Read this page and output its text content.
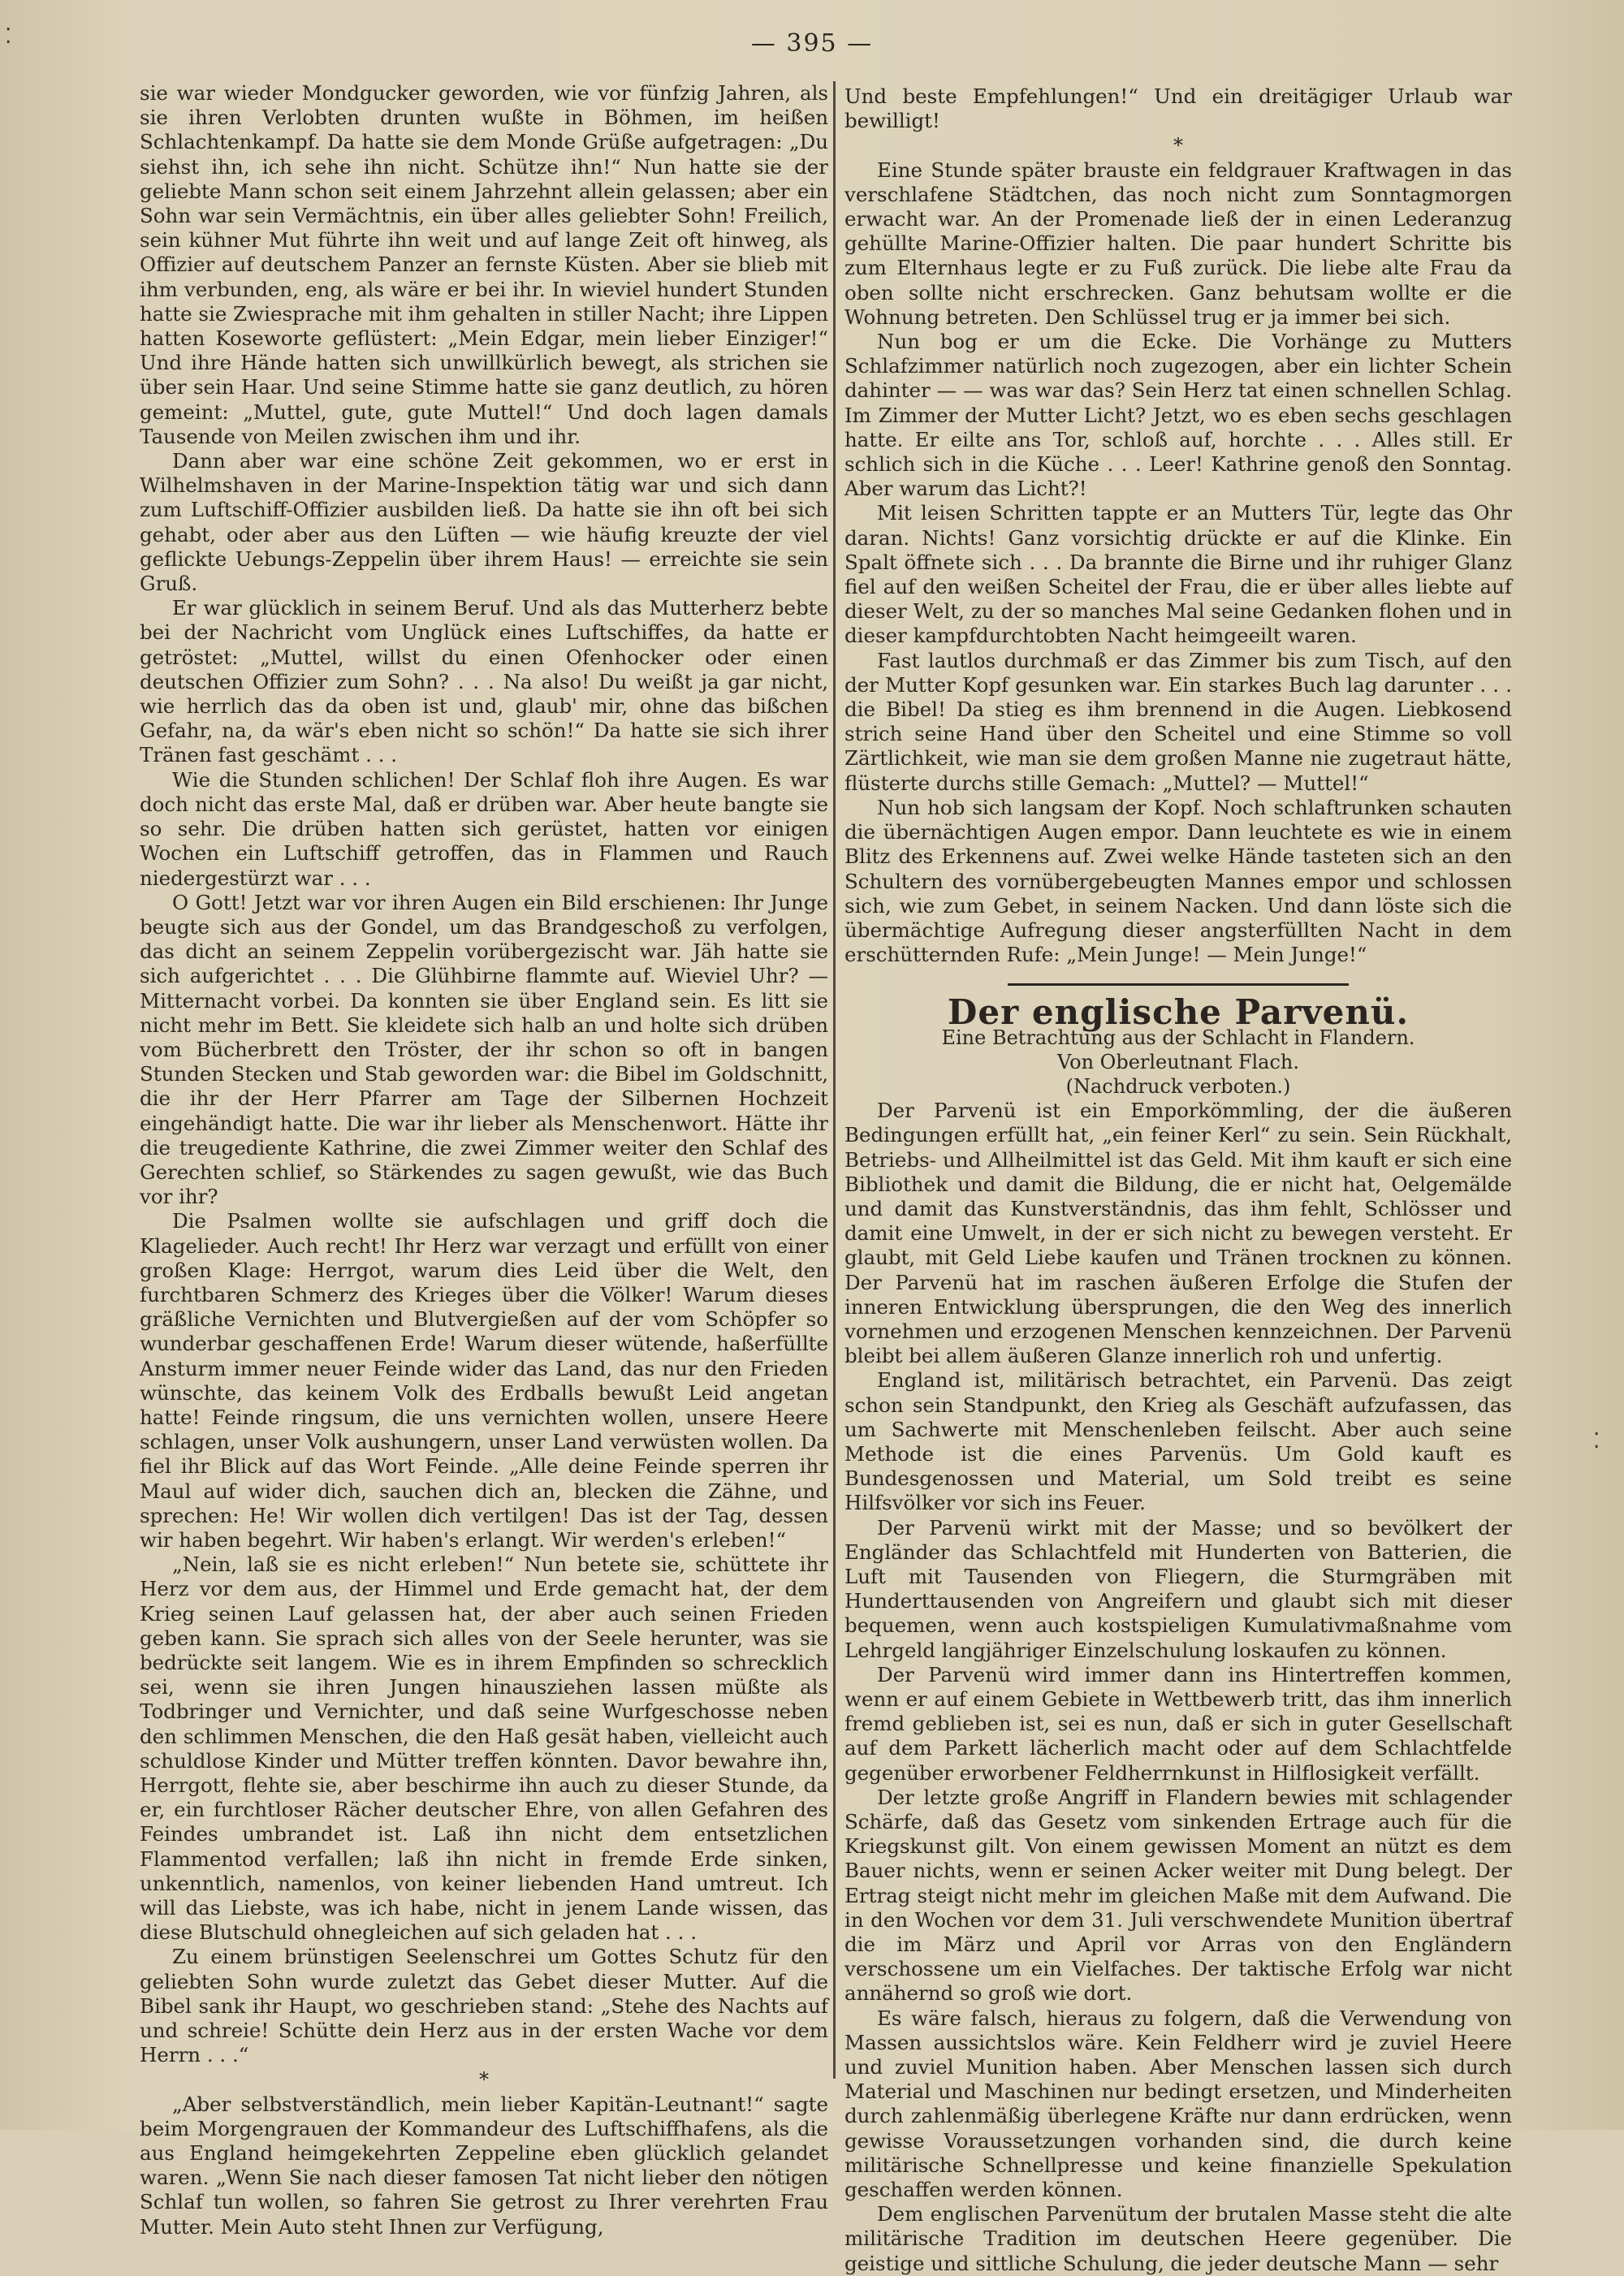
— 395 —

sie war wieder Mondgucker geworden, wie vor fünfzig Jahren, als sie ihren Verlobten drunten wußte in Böhmen, im heißen Schlachtenkampf. Da hatte sie dem Monde Grüße aufgetragen: „Du siehst ihn, ich sehe ihn nicht. Schütze ihn!“ Nun hatte sie der geliebte Mann schon seit einem Jahrzehnt allein gelassen; aber ein Sohn war sein Vermächtnis, ein über alles geliebter Sohn! Freilich, sein kühner Mut führte ihn weit und auf lange Zeit oft hinweg, als Offizier auf deutschem Panzer an fernste Küsten. Aber sie blieb mit ihm verbunden, eng, als wäre er bei ihr. In wieviel hundert Stunden hatte sie Zwiesprache mit ihm gehalten in stiller Nacht; ihre Lippen hatten Koseworte geflüstert: „Mein Edgar, mein lieber Einziger!“ Und ihre Hände hatten sich unwillkürlich bewegt, als strichen sie über sein Haar. Und seine Stimme hatte sie ganz deutlich, zu hören gemeint: „Muttel, gute, gute Muttel!“ Und doch lagen damals Tausende von Meilen zwischen ihm und ihr.

Dann aber war eine schöne Zeit gekommen, wo er erst in Wilhelmshaven in der Marine-Inspektion tätig war und sich dann zum Luftschiff-Offizier ausbilden ließ. Da hatte sie ihn oft bei sich gehabt, oder aber aus den Lüften — wie häufig kreuzte der viel geflickte Uebungs-Zeppelin über ihrem Haus! — erreichte sie sein Gruß.

Er war glücklich in seinem Beruf. Und als das Mutterherz bebte bei der Nachricht vom Unglück eines Luftschiffes, da hatte er getröstet: „Muttel, willst du einen Ofenhocker oder einen deutschen Offizier zum Sohn? . . . Na also! Du weißt ja gar nicht, wie herrlich das da oben ist und, glaub' mir, ohne das bißchen Gefahr, na, da wär's eben nicht so schön!“ Da hatte sie sich ihrer Tränen fast geschämt . . .

Wie die Stunden schlichen! Der Schlaf floh ihre Augen. Es war doch nicht das erste Mal, daß er drüben war. Aber heute bangte sie so sehr. Die drüben hatten sich gerüstet, hatten vor einigen Wochen ein Luftschiff getroffen, das in Flammen und Rauch niedergestürzt war . . .

O Gott! Jetzt war vor ihren Augen ein Bild erschienen: Ihr Junge beugte sich aus der Gondel, um das Brandgeschoß zu verfolgen, das dicht an seinem Zeppelin vorübergezischt war. Jäh hatte sie sich aufgerichtet . . . Die Glühbirne flammte auf. Wieviel Uhr? — Mitternacht vorbei. Da konnten sie über England sein. Es litt sie nicht mehr im Bett. Sie kleidete sich halb an und holte sich drüben vom Bücherbrett den Tröster, der ihr schon so oft in bangen Stunden Stecken und Stab geworden war: die Bibel im Goldschnitt, die ihr der Herr Pfarrer am Tage der Silbernen Hochzeit eingehändigt hatte. Die war ihr lieber als Menschenwort. Hätte ihr die treugediente Kathrine, die zwei Zimmer weiter den Schlaf des Gerechten schlief, so Stärkendes zu sagen gewußt, wie das Buch vor ihr?

Die Psalmen wollte sie aufschlagen und griff doch die Klagelieder. Auch recht! Ihr Herz war verzagt und erfüllt von einer großen Klage: Herrgot, warum dies Leid über die Welt, den furchtbaren Schmerz des Krieges über die Völker! Warum dieses gräßliche Vernichten und Blutvergießen auf der vom Schöpfer so wunderbar geschaffenen Erde! Warum dieser wütende, haßerfüllte Ansturm immer neuer Feinde wider das Land, das nur den Frieden wünschte, das keinem Volk des Erdballs bewußt Leid angetan hatte! Feinde ringsum, die uns vernichten wollen, unsere Heere schlagen, unser Volk aushungern, unser Land verwüsten wollen. Da fiel ihr Blick auf das Wort Feinde. „Alle deine Feinde sperren ihr Maul auf wider dich, sauchen dich an, blecken die Zähne, und sprechen: He! Wir wollen dich vertilgen! Das ist der Tag, dessen wir haben begehrt. Wir haben's erlangt. Wir werden's erleben!“

„Nein, laß sie es nicht erleben!“ Nun betete sie, schüttete ihr Herz vor dem aus, der Himmel und Erde gemacht hat, der dem Krieg seinen Lauf gelassen hat, der aber auch seinen Frieden geben kann. Sie sprach sich alles von der Seele herunter, was sie bedrückte seit langem. Wie es in ihrem Empfinden so schrecklich sei, wenn sie ihren Jungen hinausziehen lassen müßte als Todbringer und Vernichter, und daß seine Wurfgeschosse neben den schlimmen Menschen, die den Haß gesät haben, vielleicht auch schuldlose Kinder und Mütter treffen könnten. Davor bewahre ihn, Herrgott, flehte sie, aber beschirme ihn auch zu dieser Stunde, da er, ein furchtloser Rächer deutscher Ehre, von allen Gefahren des Feindes umbrandet ist. Laß ihn nicht dem entsetzlichen Flammentod verfallen; laß ihn nicht in fremde Erde sinken, unkenntlich, namenlos, von keiner liebenden Hand umtreut. Ich will das Liebste, was ich habe, nicht in jenem Lande wissen, das diese Blutschuld ohnegleichen auf sich geladen hat . . .

Zu einem brünstigen Seelenschrei um Gottes Schutz für den geliebten Sohn wurde zuletzt das Gebet dieser Mutter. Auf die Bibel sank ihr Haupt, wo geschrieben stand: „Stehe des Nachts auf und schreie! Schütte dein Herz aus in der ersten Wache vor dem Herrn . . .“

*

„Aber selbstverständlich, mein lieber Kapitän-Leutnant!“ sagte beim Morgengrauen der Kommandeur des Luftschiffhafens, als die aus England heimgekehrten Zeppeline eben glücklich gelandet waren. „Wenn Sie nach dieser famosen Tat nicht lieber den nötigen Schlaf tun wollen, so fahren Sie getrost zu Ihrer verehrten Frau Mutter. Mein Auto steht Ihnen zur Verfügung,

Und beste Empfehlungen!“ Und ein dreitägiger Urlaub war bewilligt!

*

Eine Stunde später brauste ein feldgrauer Kraftwagen in das verschlafene Städtchen, das noch nicht zum Sonntagmorgen erwacht war. An der Promenade ließ der in einen Lederanzug gehüllte Marine-Offizier halten. Die paar hundert Schritte bis zum Elternhaus legte er zu Fuß zurück. Die liebe alte Frau da oben sollte nicht erschrecken. Ganz behutsam wollte er die Wohnung betreten. Den Schlüssel trug er ja immer bei sich.

Nun bog er um die Ecke. Die Vorhänge zu Mutters Schlafzimmer natürlich noch zugezogen, aber ein lichter Schein dahinter — — was war das? Sein Herz tat einen schnellen Schlag. Im Zimmer der Mutter Licht? Jetzt, wo es eben sechs geschlagen hatte. Er eilte ans Tor, schloß auf, horchte . . . Alles still. Er schlich sich in die Küche . . . Leer! Kathrine genoß den Sonntag. Aber warum das Licht?!

Mit leisen Schritten tappte er an Mutters Tür, legte das Ohr daran. Nichts! Ganz vorsichtig drückte er auf die Klinke. Ein Spalt öffnete sich . . . Da brannte die Birne und ihr ruhiger Glanz fiel auf den weißen Scheitel der Frau, die er über alles liebte auf dieser Welt, zu der so manches Mal seine Gedanken flohen und in dieser kampfdurchtobten Nacht heimgeeilt waren.

Fast lautlos durchmaß er das Zimmer bis zum Tisch, auf den der Mutter Kopf gesunken war. Ein starkes Buch lag darunter . . . die Bibel! Da stieg es ihm brennend in die Augen. Liebkosend strich seine Hand über den Scheitel und eine Stimme so voll Zärtlichkeit, wie man sie dem großen Manne nie zugetraut hätte, flüsterte durchs stille Gemach: „Muttel? — Muttel!“

Nun hob sich langsam der Kopf. Noch schlaftrunken schauten die übernächtigen Augen empor. Dann leuchtete es wie in einem Blitz des Erkennens auf. Zwei welke Hände tasteten sich an den Schultern des vornübergebeugten Mannes empor und schlossen sich, wie zum Gebet, in seinem Nacken. Und dann löste sich die übermächtige Aufregung dieser angsterfüllten Nacht in dem erschütternden Rufe: „Mein Junge! — Mein Junge!“

Der englische Parvenü.

Eine Betrachtung aus der Schlacht in Flandern.

Von Oberleutnant Flach.

(Nachdruck verboten.)

Der Parvenü ist ein Emporkömmling, der die äußeren Bedingungen erfüllt hat, „ein feiner Kerl“ zu sein. Sein Rückhalt, Betriebs- und Allheilmittel ist das Geld. Mit ihm kauft er sich eine Bibliothek und damit die Bildung, die er nicht hat, Oelgemälde und damit das Kunstverständnis, das ihm fehlt, Schlösser und damit eine Umwelt, in der er sich nicht zu bewegen versteht. Er glaubt, mit Geld Liebe kaufen und Tränen trocknen zu können. Der Parvenü hat im raschen äußeren Erfolge die Stufen der inneren Entwicklung übersprungen, die den Weg des innerlich vornehmen und erzogenen Menschen kennzeichnen. Der Parvenü bleibt bei allem äußeren Glanze innerlich roh und unfertig.

England ist, militärisch betrachtet, ein Parvenü. Das zeigt schon sein Standpunkt, den Krieg als Geschäft aufzufassen, das um Sachwerte mit Menschenleben feilscht. Aber auch seine Methode ist die eines Parvenüs. Um Gold kauft es Bundesgenossen und Material, um Sold treibt es seine Hilfsvölker vor sich ins Feuer.

Der Parvenü wirkt mit der Masse; und so bevölkert der Engländer das Schlachtfeld mit Hunderten von Batterien, die Luft mit Tausenden von Fliegern, die Sturmgräben mit Hunderttausenden von Angreifern und glaubt sich mit dieser bequemen, wenn auch kostspieligen Kumulativmaßnahme vom Lehrgeld langjähriger Einzelschulung loskaufen zu können.

Der Parvenü wird immer dann ins Hintertreffen kommen, wenn er auf einem Gebiete in Wettbewerb tritt, das ihm innerlich fremd geblieben ist, sei es nun, daß er sich in guter Gesellschaft auf dem Parkett lächerlich macht oder auf dem Schlachtfelde gegenüber erworbener Feldherrnkunst in Hilflosigkeit verfällt.

Der letzte große Angriff in Flandern bewies mit schlagender Schärfe, daß das Gesetz vom sinkenden Ertrage auch für die Kriegskunst gilt. Von einem gewissen Moment an nützt es dem Bauer nichts, wenn er seinen Acker weiter mit Dung belegt. Der Ertrag steigt nicht mehr im gleichen Maße mit dem Aufwand. Die in den Wochen vor dem 31. Juli verschwendete Munition übertraf die im März und April vor Arras von den Engländern verschossene um ein Vielfaches. Der taktische Erfolg war nicht annähernd so groß wie dort.

Es wäre falsch, hieraus zu folgern, daß die Verwendung von Massen aussichtslos wäre. Kein Feldherr wird je zuviel Heere und zuviel Munition haben. Aber Menschen lassen sich durch Material und Maschinen nur bedingt ersetzen, und Minderheiten durch zahlenmäßig überlegene Kräfte nur dann erdrücken, wenn gewisse Voraussetzungen vorhanden sind, die durch keine militärische Schnellpresse und keine finanzielle Spekulation geschaffen werden können.

Dem englischen Parvenütum der brutalen Masse steht die alte militärische Tradition im deutschen Heere gegenüber. Die geistige und sittliche Schulung, die jeder deutsche Mann — sehr

⁚
⁚
